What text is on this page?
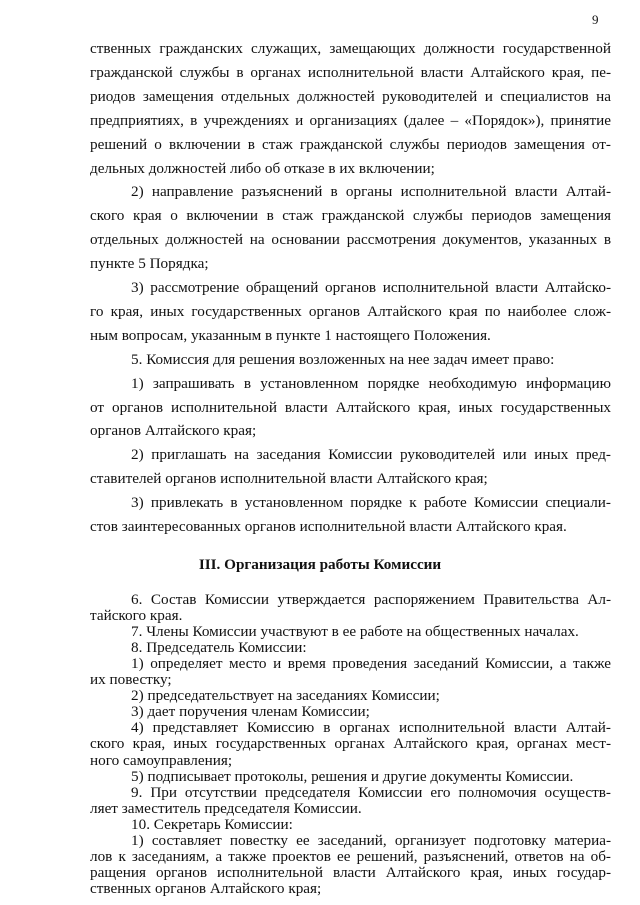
9

ственных гражданских служащих, замещающих должности государственной

гражданской службы в органах исполнительной власти Алтайского края, пе-

риодов замещения отдельных должностей руководителей и специалистов на

предприятиях, в учреждениях и организациях (далее – «Порядок»), принятие

решений о включении в стаж гражданской службы периодов замещения от-

дельных должностей либо об отказе в их включении;

2) направление разъяснений в органы исполнительной власти Алтай-

ского края о включении в стаж гражданской службы периодов замещения

отдельных должностей на основании рассмотрения документов, указанных в

пункте 5 Порядка;

3) рассмотрение обращений органов исполнительной власти Алтайско-

го края, иных государственных органов Алтайского края по наиболее слож-

ным вопросам, указанным в пункте 1 настоящего Положения.

5. Комиссия для решения возложенных на нее задач имеет право:

1) запрашивать в установленном порядке необходимую информацию

от органов исполнительной власти Алтайского края, иных государственных

органов Алтайского края;

2) приглашать на заседания Комиссии руководителей или иных пред-

ставителей органов исполнительной власти Алтайского края;

3) привлекать в установленном порядке к работе Комиссии специали-

стов заинтересованных органов исполнительной власти Алтайского края.

III. Организация работы Комиссии

6. Состав Комиссии утверждается распоряжением Правительства Ал-

тайского края.

7. Члены Комиссии участвуют в ее работе на общественных началах.

8. Председатель Комиссии:

1) определяет место и время проведения заседаний Комиссии, а также

их повестку;

2) председательствует на заседаниях Комиссии;

3) дает поручения членам Комиссии;

4) представляет Комиссию в органах исполнительной власти Алтай-

ского края, иных государственных органах Алтайского края, органах мест-

ного самоуправления;

5) подписывает протоколы, решения и другие документы Комиссии.

9. При отсутствии председателя Комиссии его полномочия осуществ-

ляет заместитель председателя Комиссии.

10. Секретарь Комиссии:

1) составляет повестку ее заседаний, организует подготовку материа-

лов к заседаниям, а также проектов ее решений, разъяснений, ответов на об-

ращения органов исполнительной власти Алтайского края, иных государ-

ственных органов Алтайского края;
